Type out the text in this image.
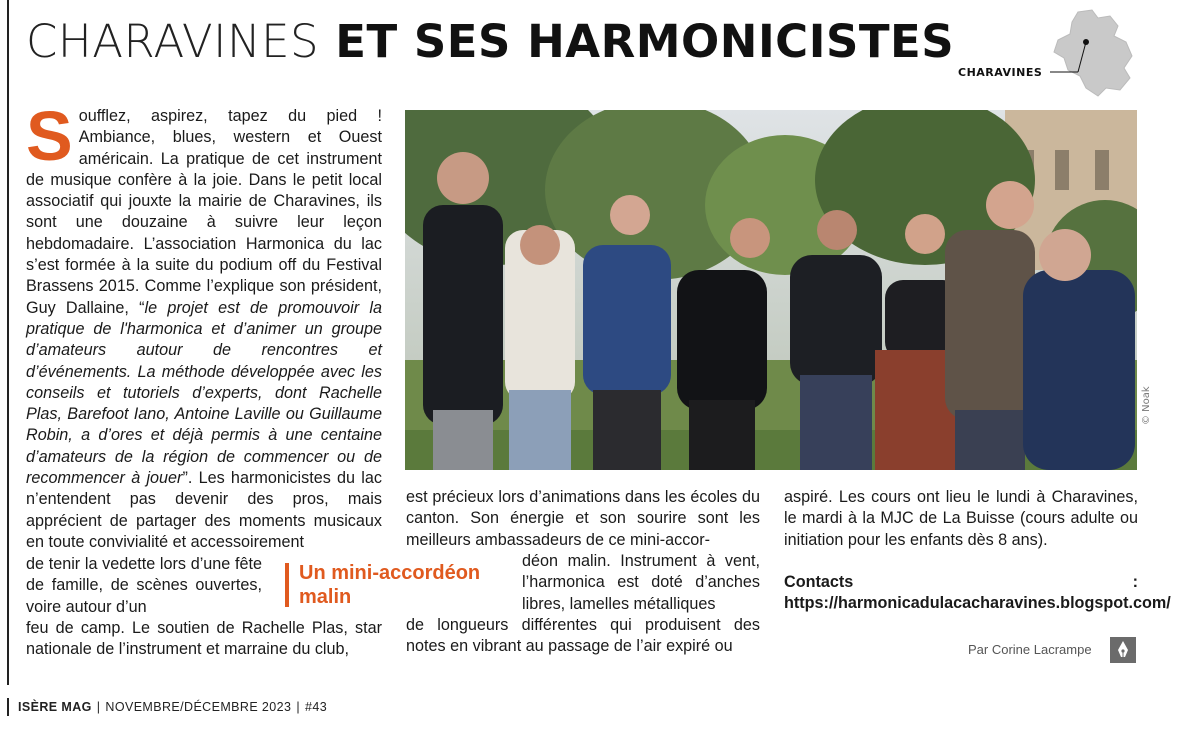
CHARAVINES ET SES HARMONICISTES
CHARAVINES
S oufflez, aspirez, tapez du pied ! Ambiance, blues, western et Ouest américain. La pratique de cet instrument de musique confère à la joie. Dans le petit local associatif qui jouxte la mairie de Charavines, ils sont une douzaine à suivre leur leçon hebdomadaire. L’association Harmonica du lac s’est formée à la suite du podium off du Festival Brassens 2015. Comme l’explique son président, Guy Dallaine, “le projet est de promouvoir la pratique de l'harmonica et d’animer un groupe d’amateurs autour de rencontres et d’événements. La méthode développée avec les conseils et tutoriels d’experts, dont Rachelle Plas, Barefoot Iano, Antoine Laville ou Guillaume Robin, a d’ores et déjà permis à une centaine d’amateurs de la région de commencer ou de recommencer à jouer”. Les harmonicistes du lac n’entendent pas devenir des pros, mais apprécient de partager des moments musicaux en toute convivialité et accessoirement
de tenir la vedette lors d’une fête de famille, de scènes ouvertes, voire autour d’un
feu de camp. Le soutien de Rachelle Plas, star nationale de l’instrument et marraine du club,
Un mini-accordéon
malin
© Noak
est précieux lors d’animations dans les écoles du canton. Son énergie et son sourire sont les meilleurs ambassadeurs de ce mini-accor-
déon malin. Instrument à vent, l’harmonica est doté d’anches libres, lamelles métalliques
de longueurs différentes qui produisent des notes en vibrant au passage de l’air expiré ou
aspiré. Les cours ont lieu le lundi à Charavines, le mardi à la MJC de La Buisse (cours adulte ou initiation pour les enfants dès 8 ans).
Contacts : https://harmonicadulacacharavines.blogspot.com/
Par Corine Lacrampe
ISÈRE MAG | NOVEMBRE/DÉCEMBRE 2023 | #43
